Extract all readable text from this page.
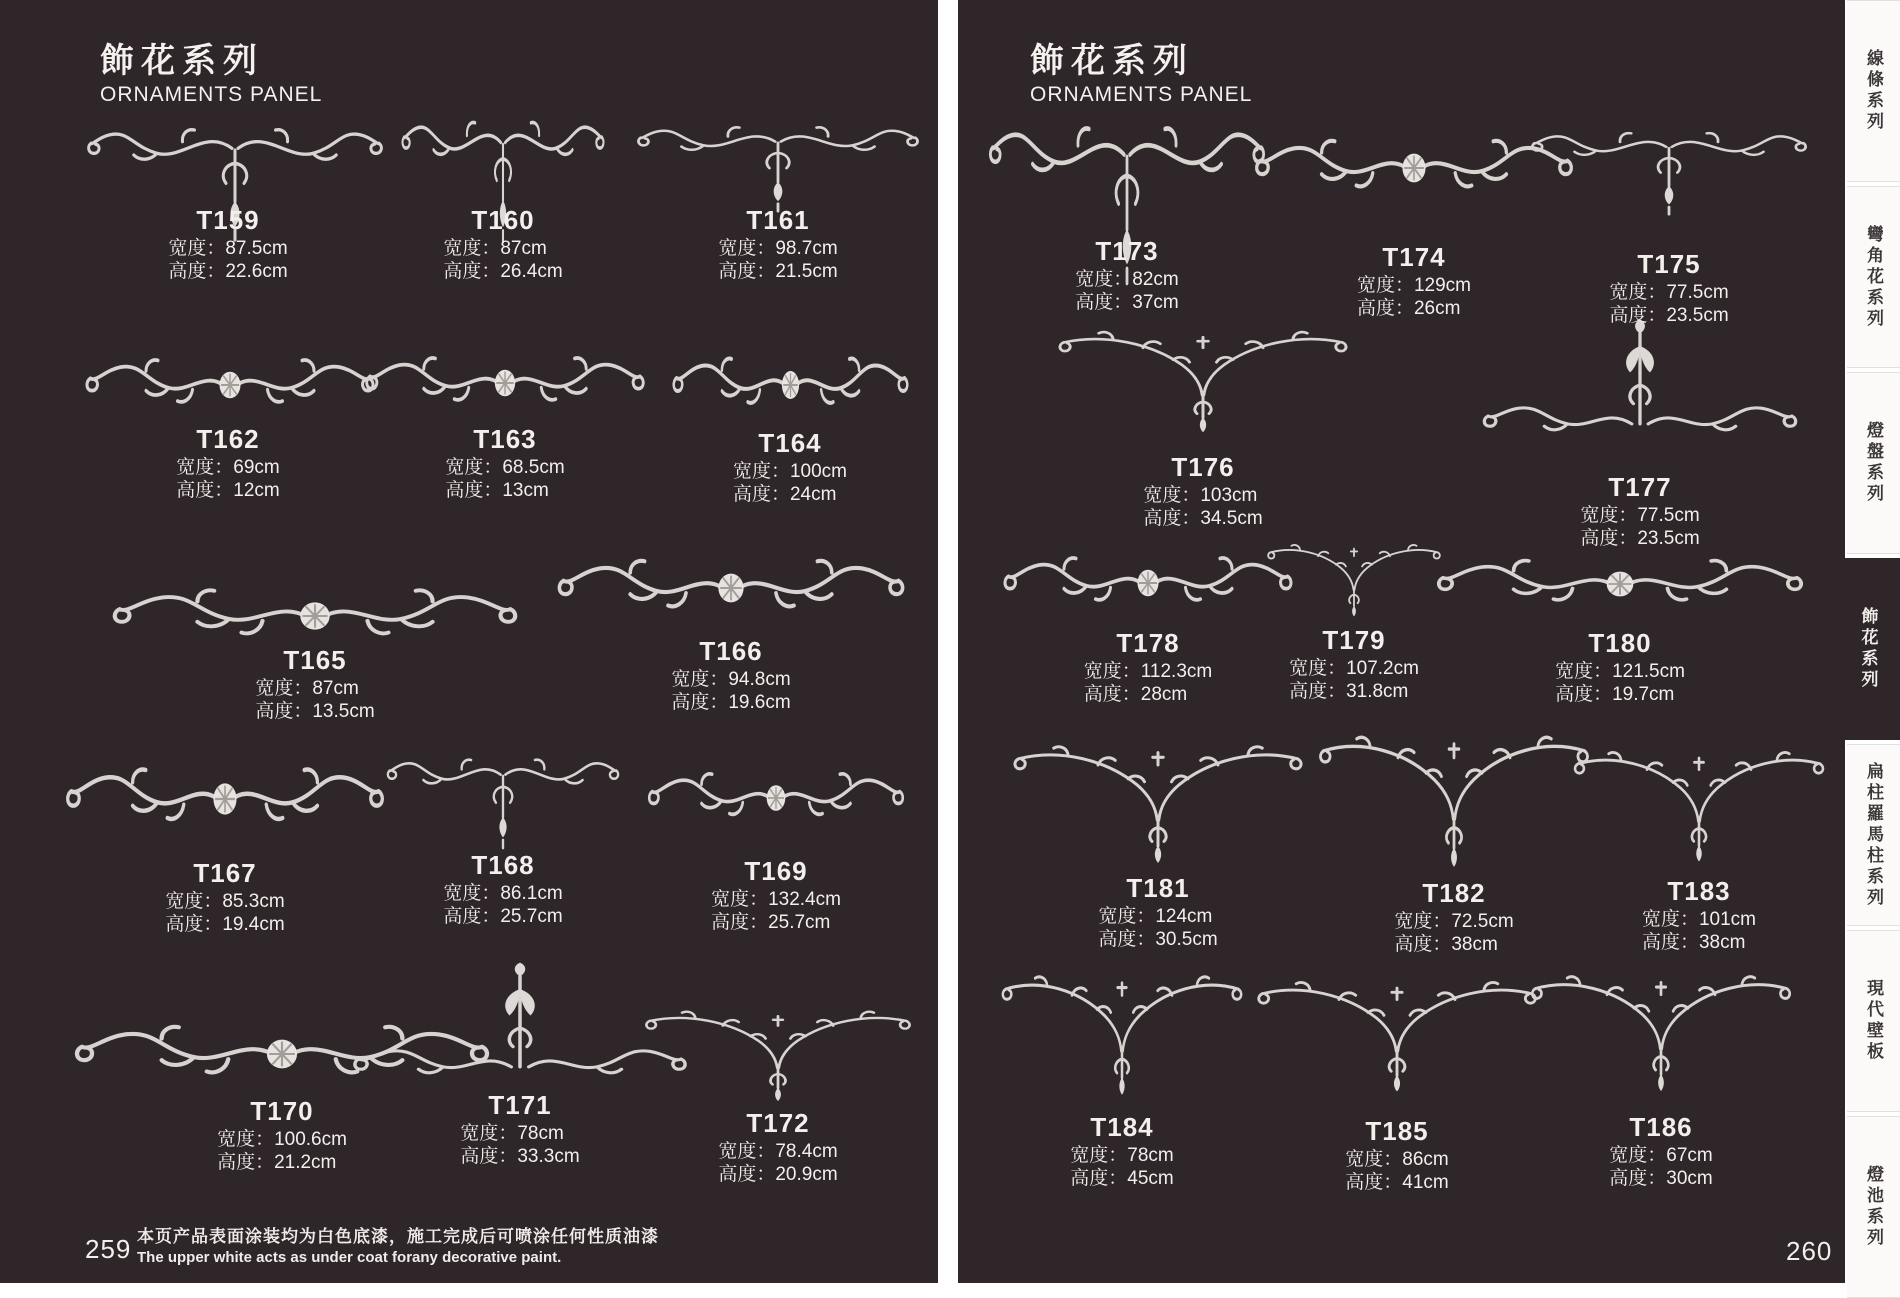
飾花系列
ORNAMENTS PANEL
本页产品表面涂装均为白色底漆，施工完成后可喷涂任何性质油漆
The upper white acts as under coat forany decorative paint.
飾花系列
ORNAMENTS PANEL
T159
宽度：87.5cm
高度：22.6cm
T160
宽度：87cm
高度：26.4cm
T161
宽度：98.7cm
高度：21.5cm
T162
宽度：69cm
高度：12cm
T163
宽度：68.5cm
高度：13cm
T164
宽度：100cm
高度：24cm
T165
宽度：87cm
高度：13.5cm
T166
宽度：94.8cm
高度：19.6cm
T167
宽度：85.3cm
高度：19.4cm
T168
宽度：86.1cm
高度：25.7cm
T169
宽度：132.4cm
高度：25.7cm
T170
宽度：100.6cm
高度：21.2cm
T171
宽度：78cm
高度：33.3cm
T172
宽度：78.4cm
高度：20.9cm
T173
宽度：82cm
高度：37cm
T174
宽度：129cm
高度：26cm
T175
宽度：77.5cm
高度：23.5cm
T176
宽度：103cm
高度：34.5cm
T177
宽度：77.5cm
高度：23.5cm
T178
宽度：112.3cm
高度：28cm
T179
宽度：107.2cm
高度：31.8cm
T180
宽度：121.5cm
高度：19.7cm
T181
宽度：124cm
高度：30.5cm
T182
宽度：72.5cm
高度：38cm
T183
宽度：101cm
高度：38cm
T184
宽度：78cm
高度：45cm
T185
宽度：86cm
高度：41cm
T186
宽度：67cm
高度：30cm
259	260
線條系列
彎角花系列
燈盤系列
飾花系列
扁柱羅馬柱系列
現代壁板
燈池系列
